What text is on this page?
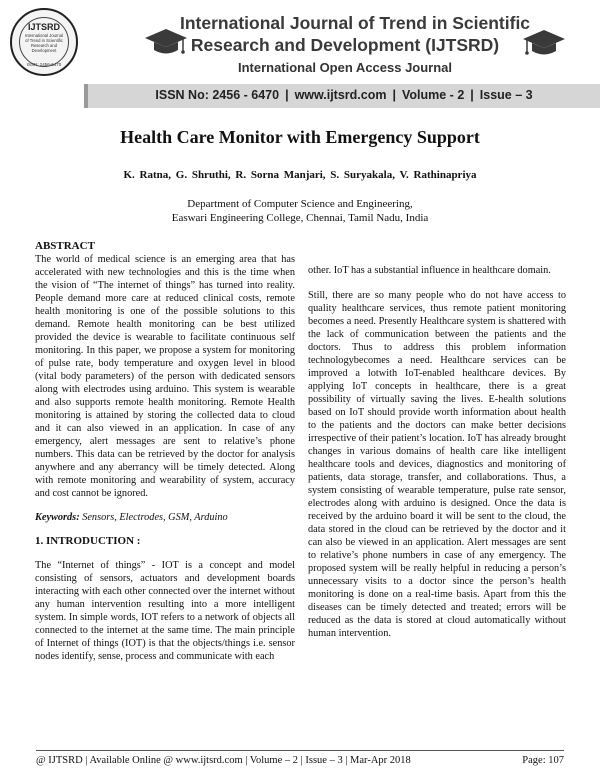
IJTSRD
International Journal
of Trend in Scientific
Research and
Development
ISSN: 2456-6470
International Journal of Trend in Scientific
Research and Development (IJTSRD)
International Open Access Journal
ISSN No: 2456 - 6470 | www.ijtsrd.com | Volume - 2 | Issue – 3
Health Care Monitor with Emergency Support
K. Ratna, G. Shruthi, R. Sorna Manjari, S. Suryakala, V. Rathinapriya
Department of Computer Science and Engineering,
Easwari Engineering College, Chennai, Tamil Nadu, India

ABSTRACT

The world of medical science is an emerging area that has accelerated with new technologies and this is the time when the vision of “The internet of things” has turned into reality. People demand more care at reduced clinical costs, remote health monitoring is one of the possible solutions to this demand. Remote health monitoring can be best utilized provided the device is wearable to facilitate continuous self monitoring. In this paper, we propose a system for monitoring of pulse rate, body temperature and oxygen level in blood (vital body parameters) of the person with dedicated sensors along with electrodes using arduino. This system is wearable and also supports remote health monitoring. Remote Health monitoring is attained by storing the collected data to cloud and it can also viewed in an application. In case of any emergency, alert messages are sent to relative’s phone numbers. This data can be retrieved by the doctor for analysis anywhere and any aberrancy will be timely detected. Along with remote monitoring and wearability of system, accuracy and cost cannot be ignored.

Keywords: Sensors, Electrodes, GSM, Arduino

1. INTRODUCTION :

The “Internet of things” - IOT is a concept and model consisting of sensors, actuators and development boards interacting with each other connected over the internet without any human intervention resulting into a more intelligent system. In simple words, IOT refers to a network of objects all connected to the internet at the same time. The main principle of Internet of things (IOT) is that the objects/things i.e. sensor nodes identify, sense, process and communicate with each

other. IoT has a substantial influence in healthcare domain.

Still, there are so many people who do not have access to quality healthcare services, thus remote patient monitoring becomes a need. Presently Healthcare system is shattered with the lack of communication between the patients and the doctors. Thus to address this problem information technologybecomes a need. Healthcare services can be improved a lotwith IoT-enabled healthcare devices. By applying IoT concepts in healthcare, there is a great possibility of virtually saving the lives. E-health solutions based on IoT should provide worth information about health to the patients and the doctors can make better decisions irrespective of their patient’s location. IoT has already brought changes in various domains of health care like intelligent healthcare tools and devices, diagnostics and monitoring of patients, data storage, transfer, and collaborations. Thus, a system consisting of wearable temperature, pulse rate sensor, electrodes along with arduino is designed. Once the data is received by the arduino board it will be sent to the cloud, the data stored in the cloud can be retrieved by the doctor and it can also be viewed in an application. Alert messages are sent to relative’s phone numbers in case of any emergency. The proposed system will be really helpful in reducing a person’s unnecessary visits to a doctor since the person’s health monitoring is done on a real-time basis. Apart from this the diseases can be timely detected and treated; errors will be reduced as the data is stored at cloud automatically without human intervention.

@ IJTSRD | Available Online @ www.ijtsrd.com | Volume – 2 | Issue – 3 | Mar-Apr 2018	Page: 107
